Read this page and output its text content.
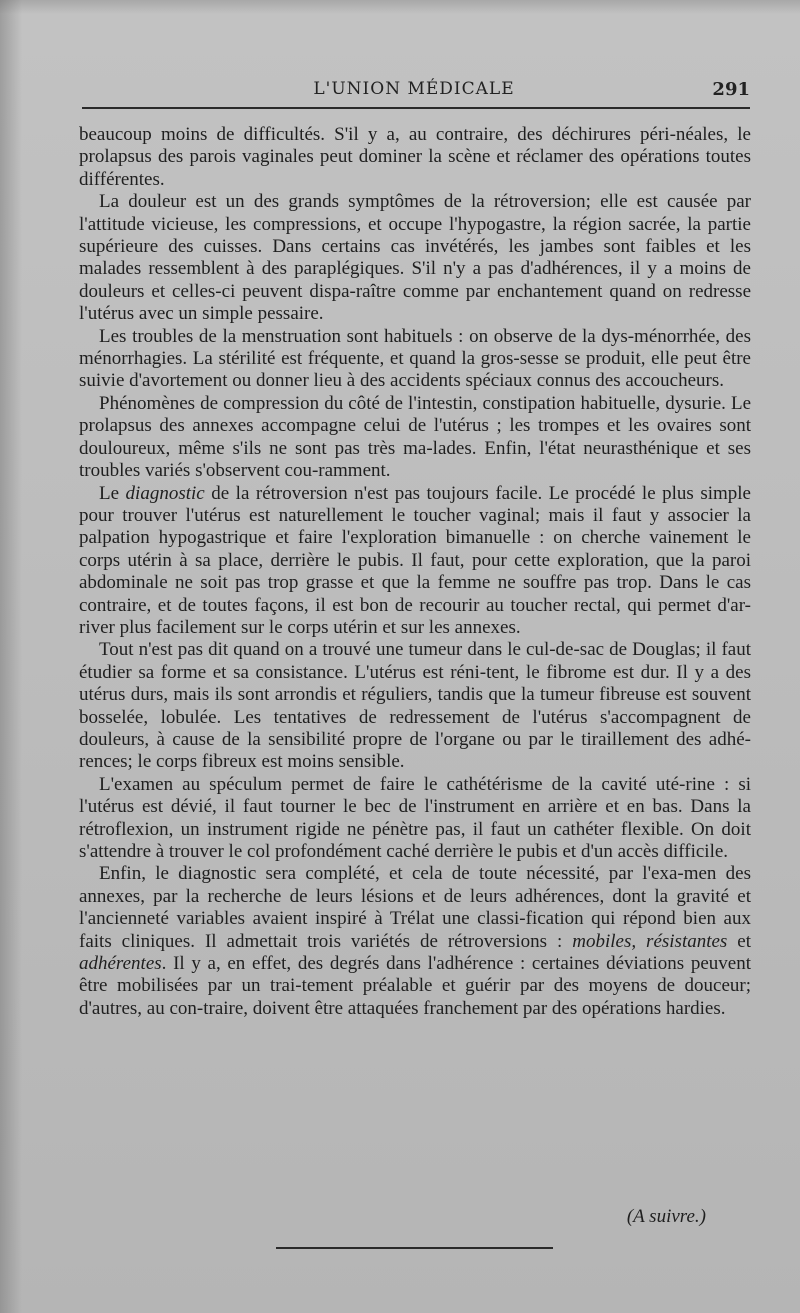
L'UNION MÉDICALE	291

beaucoup moins de difficultés. S'il y a, au contraire, des déchirures péri-néales, le prolapsus des parois vaginales peut dominer la scène et réclamer des opérations toutes différentes.

La douleur est un des grands symptômes de la rétroversion; elle est causée par l'attitude vicieuse, les compressions, et occupe l'hypogastre, la région sacrée, la partie supérieure des cuisses. Dans certains cas invétérés, les jambes sont faibles et les malades ressemblent à des paraplégiques. S'il n'y a pas d'adhérences, il y a moins de douleurs et celles-ci peuvent dispa-raître comme par enchantement quand on redresse l'utérus avec un simple pessaire.

Les troubles de la menstruation sont habituels : on observe de la dys-ménorrhée, des ménorrhagies. La stérilité est fréquente, et quand la gros-sesse se produit, elle peut être suivie d'avortement ou donner lieu à des accidents spéciaux connus des accoucheurs.

Phénomènes de compression du côté de l'intestin, constipation habituelle, dysurie. Le prolapsus des annexes accompagne celui de l'utérus ; les trompes et les ovaires sont douloureux, même s'ils ne sont pas très ma-lades. Enfin, l'état neurasthénique et ses troubles variés s'observent cou-ramment.

Le diagnostic de la rétroversion n'est pas toujours facile. Le procédé le plus simple pour trouver l'utérus est naturellement le toucher vaginal; mais il faut y associer la palpation hypogastrique et faire l'exploration bimanuelle : on cherche vainement le corps utérin à sa place, derrière le pubis. Il faut, pour cette exploration, que la paroi abdominale ne soit pas trop grasse et que la femme ne souffre pas trop. Dans le cas contraire, et de toutes façons, il est bon de recourir au toucher rectal, qui permet d'ar-river plus facilement sur le corps utérin et sur les annexes.

Tout n'est pas dit quand on a trouvé une tumeur dans le cul-de-sac de Douglas; il faut étudier sa forme et sa consistance. L'utérus est réni-tent, le fibrome est dur. Il y a des utérus durs, mais ils sont arrondis et réguliers, tandis que la tumeur fibreuse est souvent bosselée, lobulée. Les tentatives de redressement de l'utérus s'accompagnent de douleurs, à cause de la sensibilité propre de l'organe ou par le tiraillement des adhé-rences; le corps fibreux est moins sensible.

L'examen au spéculum permet de faire le cathétérisme de la cavité uté-rine : si l'utérus est dévié, il faut tourner le bec de l'instrument en arrière et en bas. Dans la rétroflexion, un instrument rigide ne pénètre pas, il faut un cathéter flexible. On doit s'attendre à trouver le col profondément caché derrière le pubis et d'un accès difficile.

Enfin, le diagnostic sera complété, et cela de toute nécessité, par l'exa-men des annexes, par la recherche de leurs lésions et de leurs adhérences, dont la gravité et l'ancienneté variables avaient inspiré à Trélat une classi-fication qui répond bien aux faits cliniques. Il admettait trois variétés de rétroversions : mobiles, résistantes et adhérentes. Il y a, en effet, des degrés dans l'adhérence : certaines déviations peuvent être mobilisées par un trai-tement préalable et guérir par des moyens de douceur; d'autres, au con-traire, doivent être attaquées franchement par des opérations hardies.

(A suivre.)
